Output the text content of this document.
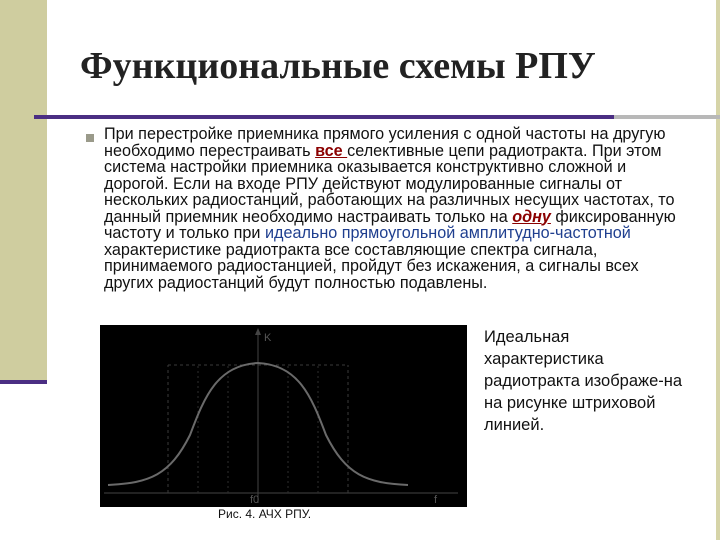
Функциональные схемы РПУ

При перестройке приемника прямого усиления с одной частоты на другую необходимо перестраивать все селективные цепи радиотракта. При этом система настройки приемника оказывается конструктивно сложной и дорогой. Если на входе РПУ действуют модулированные сигналы от нескольких радиостанций, работающих на различных несущих частотах, то данный приемник необходимо настраивать только на одну фиксированную частоту и только при идеально прямоугольной амплитудно-частотной характеристике радиотракта все составляющие спектра сигнала, принимаемого радиостанцией, пройдут без искажения, а сигналы всех других радиостанций будут полностью подавлены.

K
f0	f
Рис. 4. АЧХ РПУ.
Идеальная характеристика радиотракта изображе-на на рисунке штриховой линией.
